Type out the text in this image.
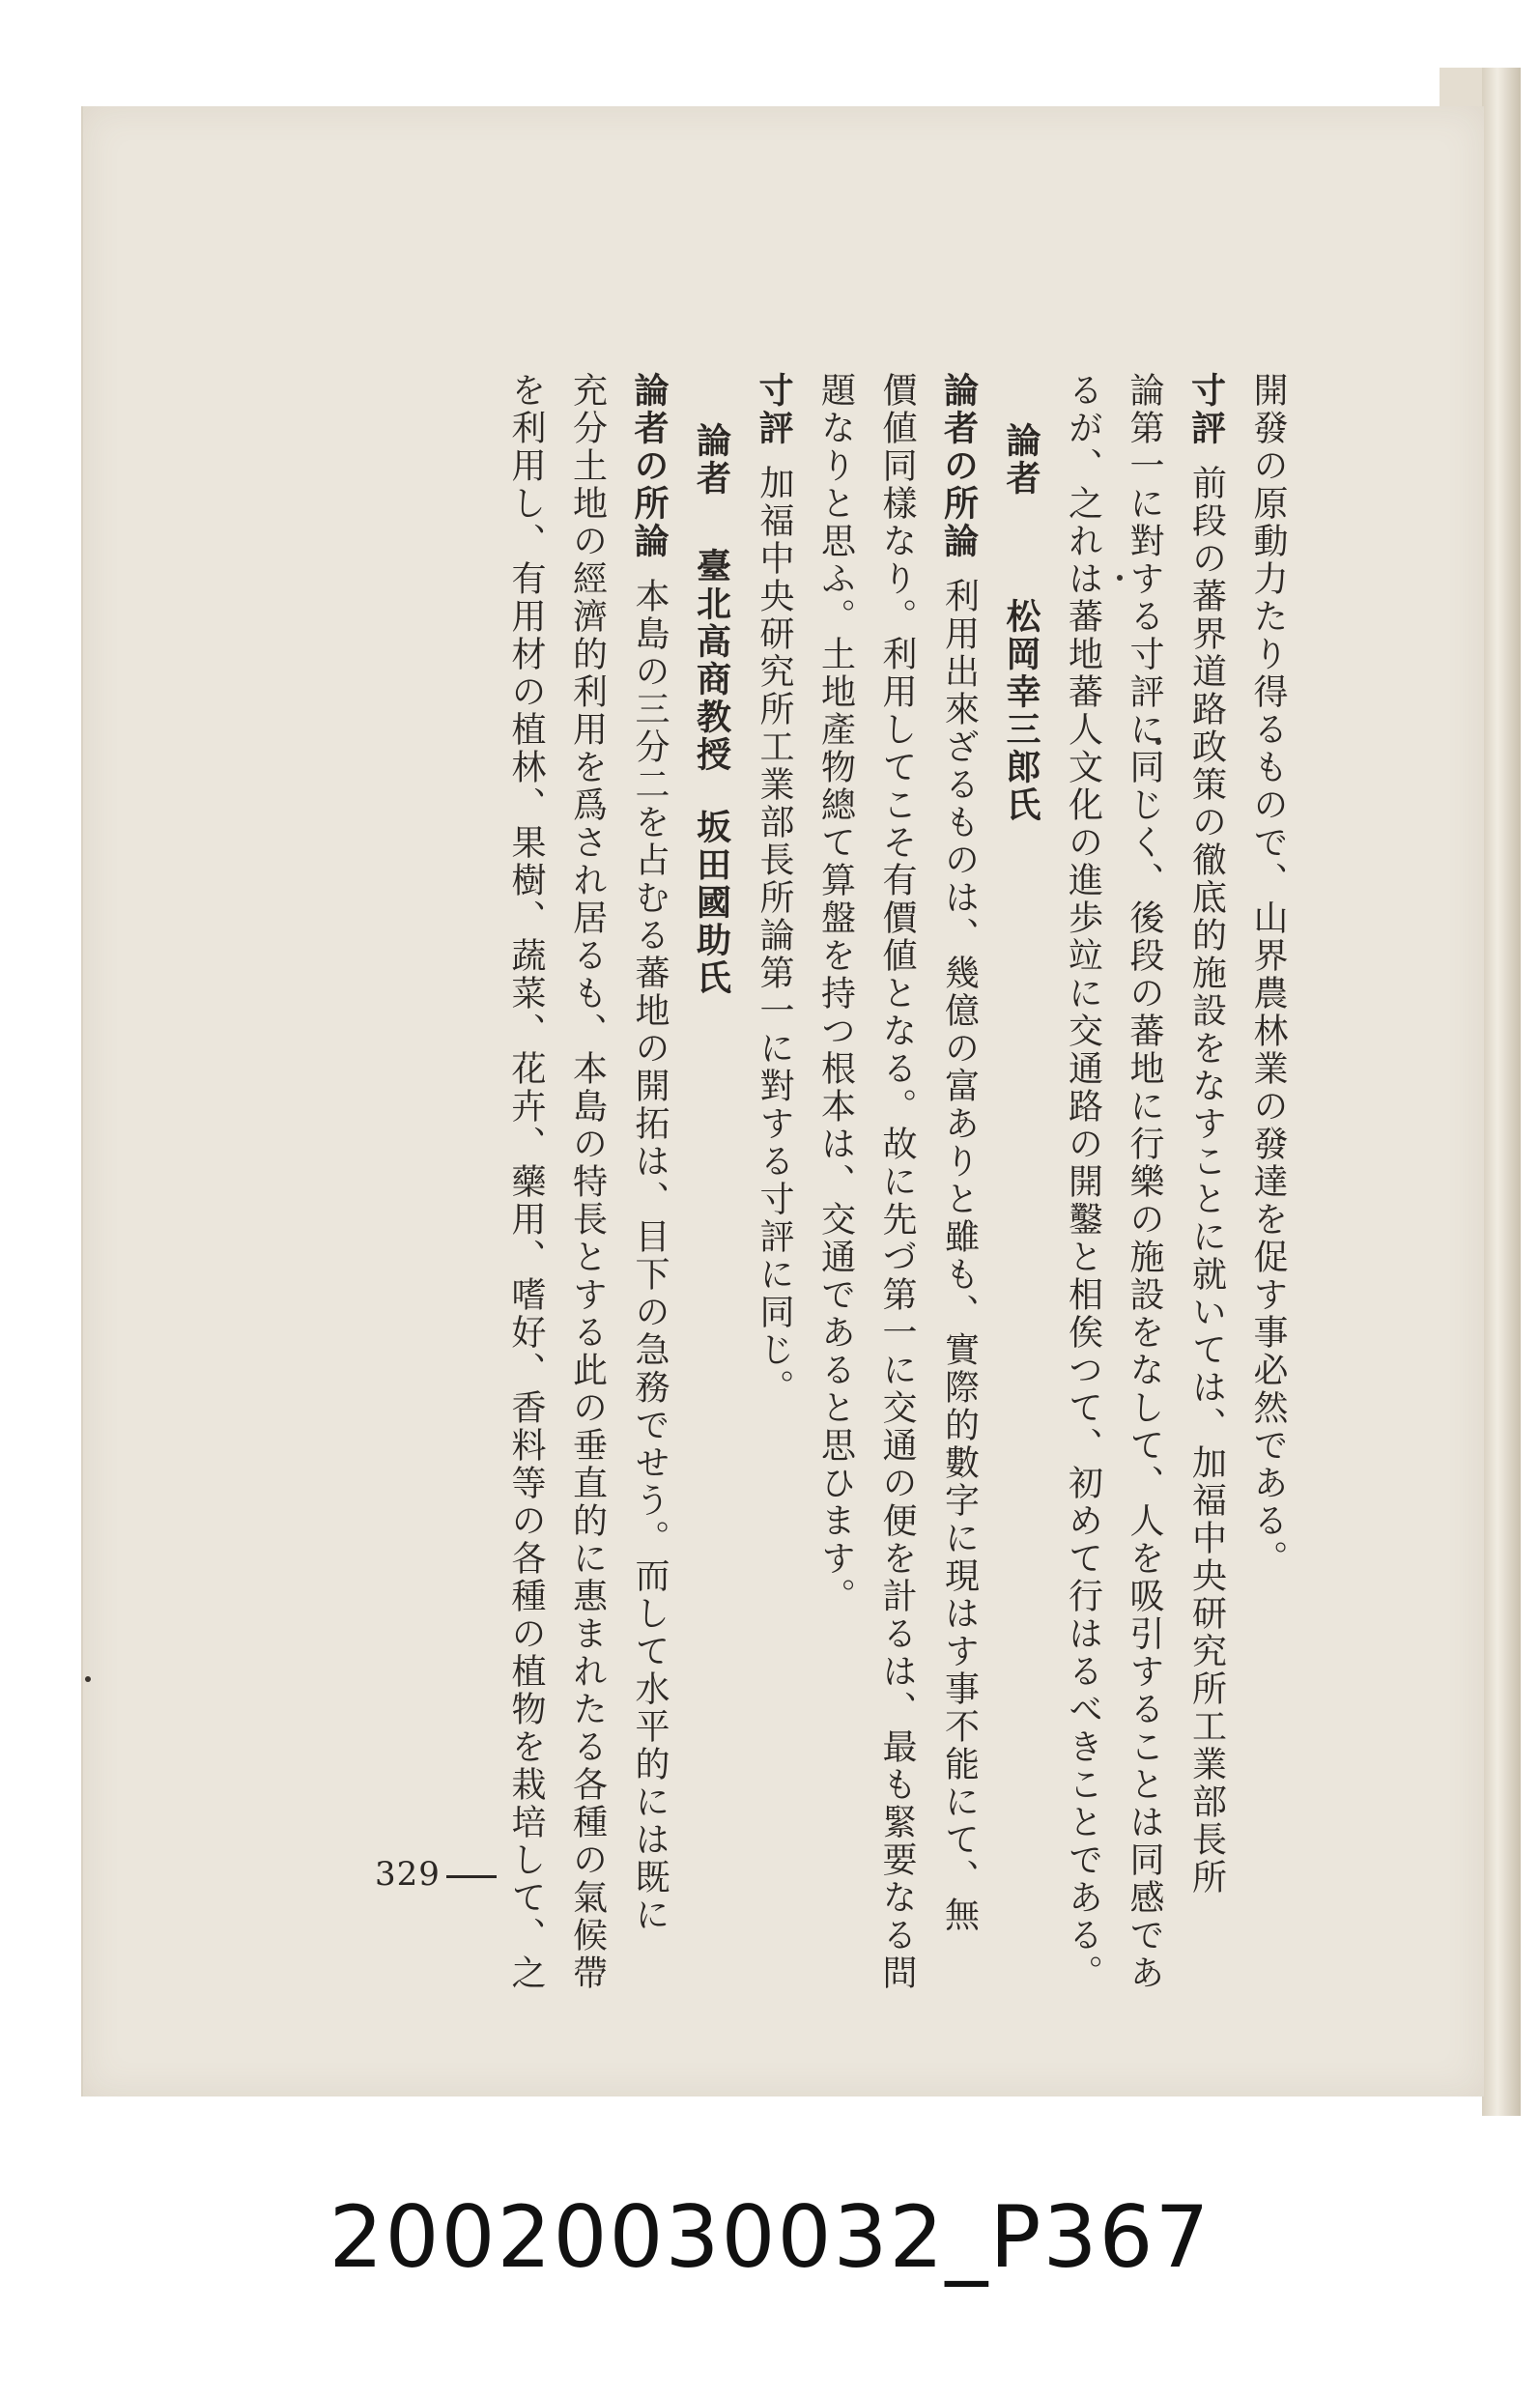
開發の原動力たり得るもので、山界農林業の發達を促す事必然である。
寸評前段の蕃界道路政策の徹底的施設をなすことに就いては、加福中央研究所工業部長所
論第一に對する寸評に同じく、後段の蕃地に行樂の施設をなして、人を吸引することは同感であ
るが、之れは蕃地蕃人文化の進歩竝に交通路の開鑿と相俟つて、初めて行はるべきことである。
論者松岡幸三郎氏
論者の所論利用出來ざるものは、幾億の富ありと雖も、實際的數字に現はす事不能にて、無
價値同樣なり。利用してこそ有價値となる。故に先づ第一に交通の便を計るは、最も緊要なる問
題なりと思ふ。土地產物總て算盤を持つ根本は、交通であると思ひます。
寸評加福中央研究所工業部長所論第一に對する寸評に同じ。
論者臺北高商教授坂田國助氏
論者の所論本島の三分二を占むる蕃地の開拓は、目下の急務でせう。而して水平的には既に
充分土地の經濟的利用を爲され居るも、本島の特長とする此の垂直的に惠まれたる各種の氣候帶
を利用し、有用材の植林、果樹、蔬菜、花卉、藥用、嗜好、香料等の各種の植物を栽培して、之
329
20020030032_P367
